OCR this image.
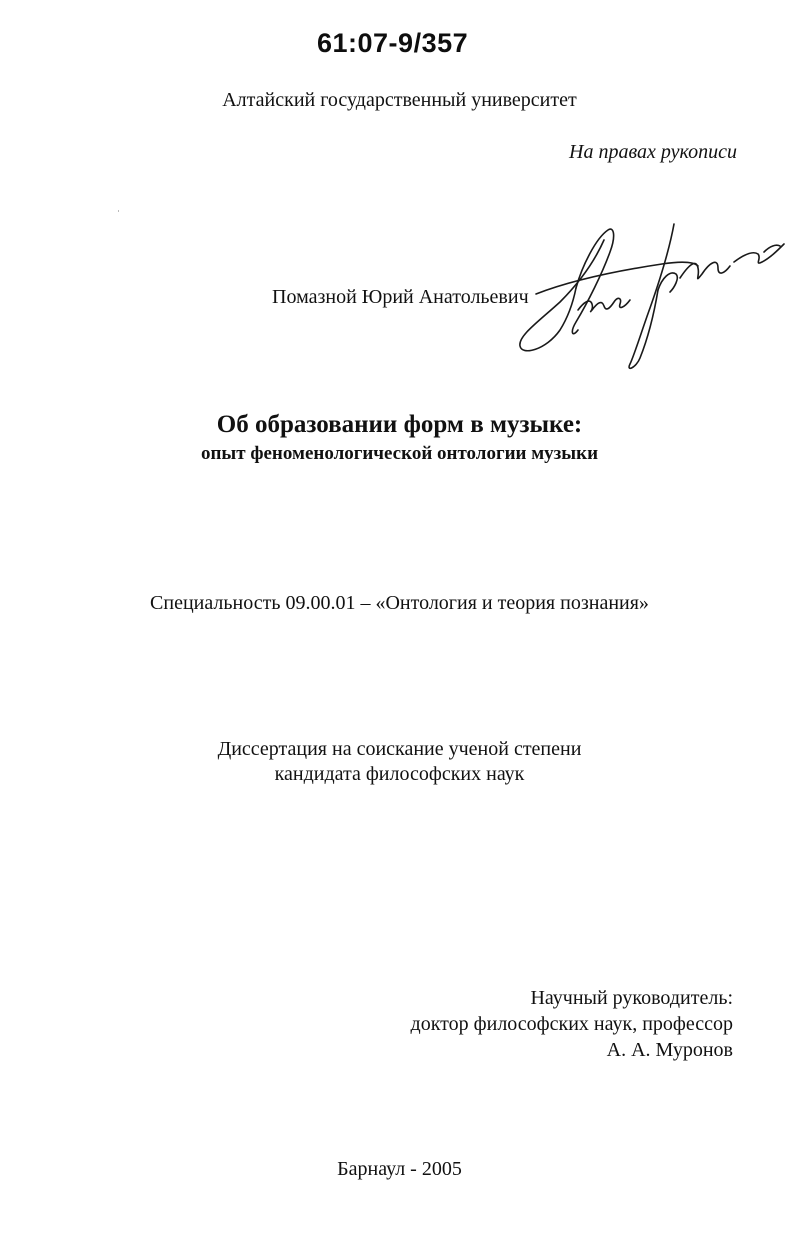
61:07-9/357
Алтайский государственный университет
На правах рукописи
Помазной Юрий Анатольевич
Об образовании форм в музыке:
опыт феноменологической онтологии музыки
Специальность 09.00.01 – «Онтология и теория познания»
Диссертация на соискание ученой степени
кандидата философских наук
Научный руководитель:
доктор философских наук, профессор
А. А. Муронов
Барнаул - 2005
